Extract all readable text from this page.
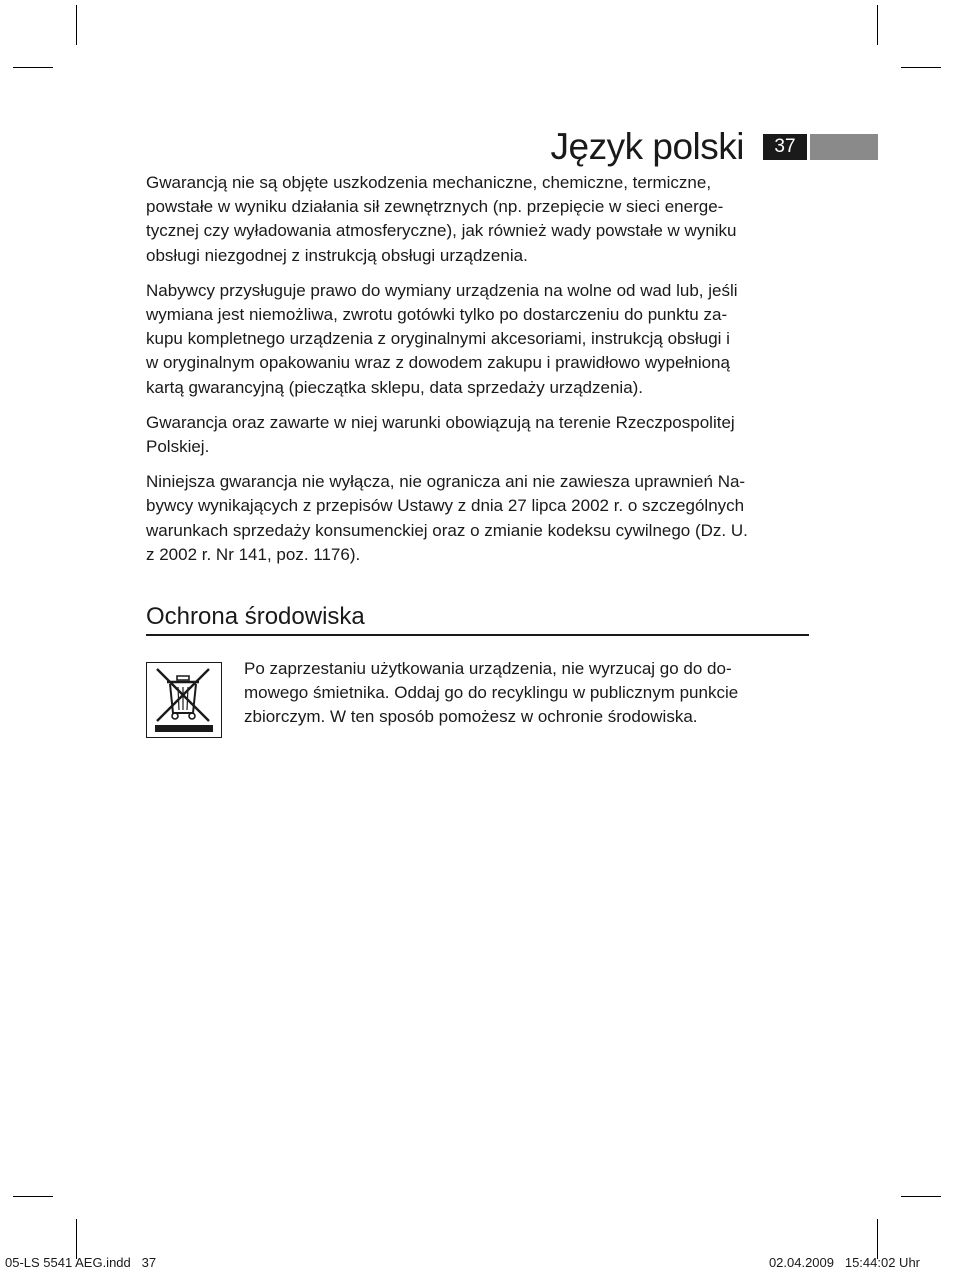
Język polski	37

Gwarancją nie są objęte uszkodzenia mechaniczne, chemiczne, termiczne,
powstałe w wyniku działania sił zewnętrznych (np. przepięcie w sieci energe-
tycznej czy wyładowania atmosferyczne), jak również wady powstałe w wyniku
obsługi niezgodnej z instrukcją obsługi urządzenia.

Nabywcy przysługuje prawo do wymiany urządzenia na wolne od wad lub, jeśli
wymiana jest niemożliwa, zwrotu gotówki tylko po dostarczeniu do punktu za-
kupu kompletnego urządzenia z oryginalnymi akcesoriami, instrukcją obsługi i
w oryginalnym opakowaniu wraz z dowodem zakupu i prawidłowo wypełnioną
kartą gwarancyjną (pieczątka sklepu, data sprzedaży urządzenia).

Gwarancja oraz zawarte w niej warunki obowiązują na terenie Rzeczpospolitej
Polskiej.

Niniejsza gwarancja nie wyłącza, nie ogranicza ani nie zawiesza uprawnień Na-
bywcy wynikających z przepisów Ustawy z dnia 27 lipca 2002 r. o szczególnych
warunkach sprzedaży konsumenckiej oraz o zmianie kodeksu cywilnego (Dz. U.
z 2002 r. Nr 141, poz. 1176).

Ochrona środowiska
Po zaprzestaniu użytkowania urządzenia, nie wyrzucaj go do do-
mowego śmietnika. Oddaj go do recyklingu w publicznym punkcie
zbiorczym. W ten sposób pomożesz w ochronie środowiska.
05-LS 5541 AEG.indd   37	02.04.2009   15:44:02 Uhr
